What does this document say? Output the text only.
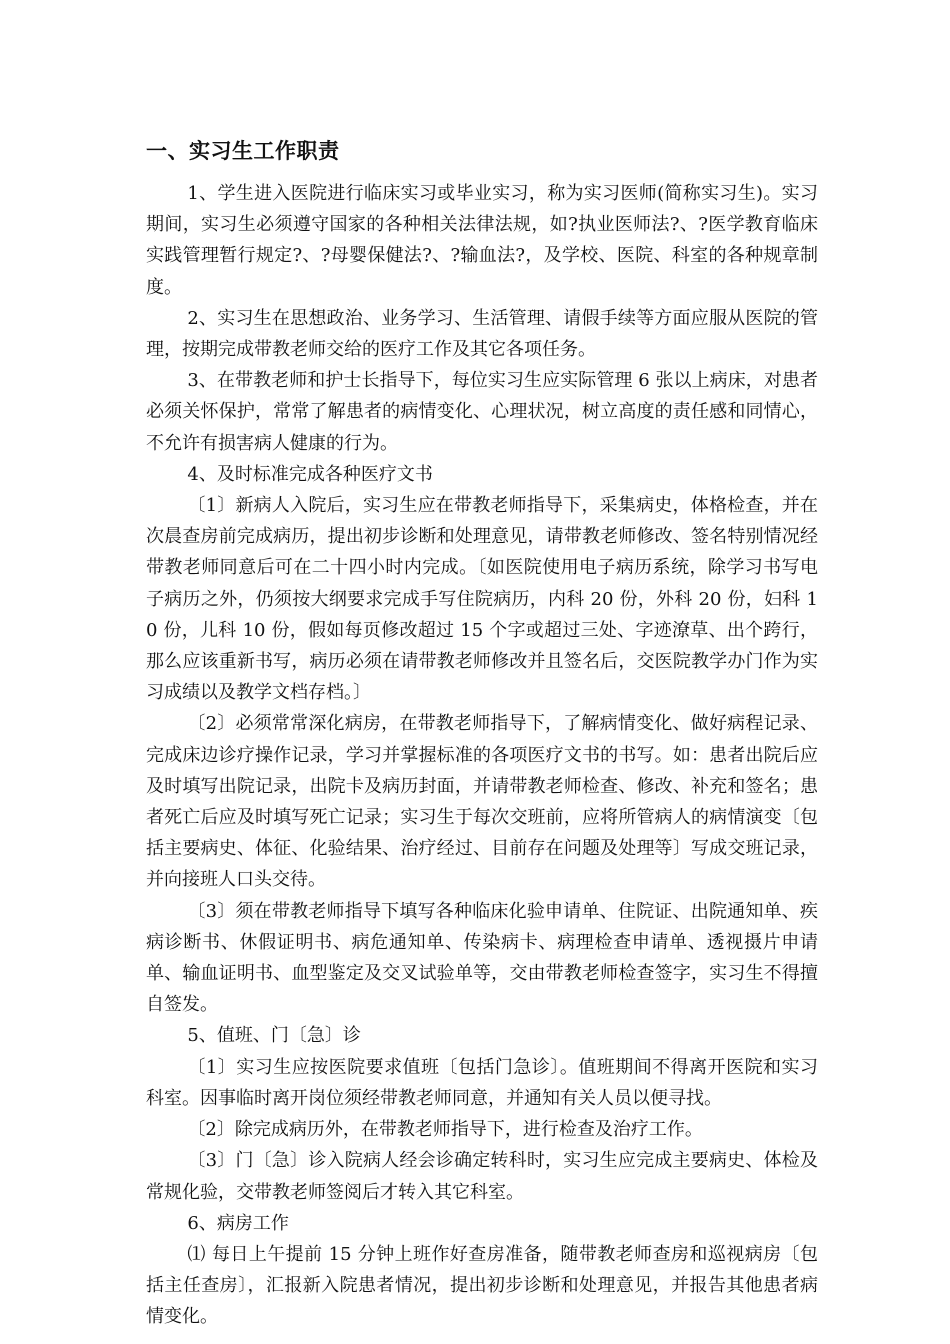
一、实习生工作职责

1、学生进入医院进行临床实习或毕业实习，称为实习医师(简称实习生)。实习期间，实习生必须遵守国家的各种相关法律法规，如?执业医师法?、?医学教育临床实践管理暂行规定?、?母婴保健法?、?输血法?，及学校、医院、科室的各种规章制度。

2、实习生在思想政治、业务学习、生活管理、请假手续等方面应服从医院的管理，按期完成带教老师交给的医疗工作及其它各项任务。

3、在带教老师和护士长指导下，每位实习生应实际管理 6 张以上病床，对患者必须关怀保护，常常了解患者的病情变化、心理状况，树立高度的责任感和同情心，不允许有损害病人健康的行为。

4、及时标准完成各种医疗文书

〔1〕新病人入院后，实习生应在带教老师指导下，采集病史，体格检查，并在次晨查房前完成病历，提出初步诊断和处理意见，请带教老师修改、签名特别情况经带教老师同意后可在二十四小时内完成。〔如医院使用电子病历系统，除学习书写电子病历之外，仍须按大纲要求完成手写住院病历，内科 20 份，外科 20 份，妇科 10 份，儿科 10 份，假如每页修改超过 15 个字或超过三处、字迹潦草、出个跨行，那么应该重新书写，病历必须在请带教老师修改并且签名后，交医院教学办门作为实习成绩以及教学文档存档。〕

〔2〕必须常常深化病房，在带教老师指导下，了解病情变化、做好病程记录、完成床边诊疗操作记录，学习并掌握标准的各项医疗文书的书写。如：患者出院后应及时填写出院记录，出院卡及病历封面，并请带教老师检查、修改、补充和签名；患者死亡后应及时填写死亡记录；实习生于每次交班前，应将所管病人的病情演变〔包括主要病史、体征、化验结果、治疗经过、目前存在问题及处理等〕写成交班记录，并向接班人口头交待。

〔3〕须在带教老师指导下填写各种临床化验申请单、住院证、出院通知单、疾病诊断书、休假证明书、病危通知单、传染病卡、病理检查申请单、透视摄片申请单、输血证明书、血型鉴定及交叉试验单等，交由带教老师检查签字，实习生不得擅自签发。

5、值班、门〔急〕诊

〔1〕实习生应按医院要求值班〔包括门急诊〕。值班期间不得离开医院和实习科室。因事临时离开岗位须经带教老师同意，并通知有关人员以便寻找。

〔2〕除完成病历外，在带教老师指导下，进行检查及治疗工作。

〔3〕门〔急〕诊入院病人经会诊确定转科时，实习生应完成主要病史、体检及常规化验，交带教老师签阅后才转入其它科室。

6、病房工作

⑴ 每日上午提前 15 分钟上班作好查房准备，随带教老师查房和巡视病房〔包括主任查房〕，汇报新入院患者情况，提出初步诊断和处理意见，并报告其他患者病情变化。
